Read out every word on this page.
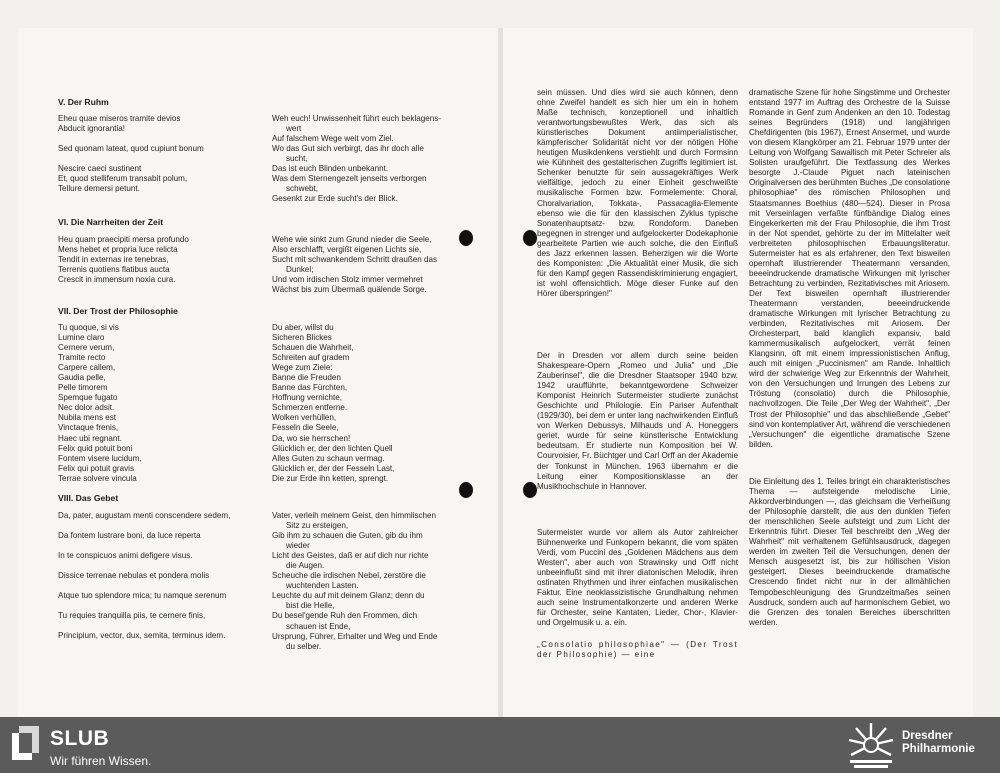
V. Der Ruhm
Eheu quae miseros tramite devios
Abducit ignorantia!
Sed quonam lateat, quod cupiunt bonum
Nescire caeci sustinent
Et, quod stelliferum transabit polum,
Tellure demersi petunt.
Weh euch! Unwissenheit führt euch beklagens-
wert
Auf falschem Wege weit vom Ziel.
Wo das Gut sich verbirgt, das ihr doch alle
sucht,
Das ist euch Blinden unbekannt.
Was dem Sternengezelt jenseits verborgen
schwebt,
Gesenkt zur Erde sucht's der Blick.
VI. Die Narrheiten der Zeit
Heu quam praecipiti mersa profundo
Mens hebet et propria luce relicta
Tendit in externas ire tenebras,
Terrenis quotiens flatibus aucta
Crescit in immensum noxia cura.
Wehe wie sinkt zum Grund nieder die Seele,
Also erschlafft, vergißt eigenen Lichts sie,
Sucht mit schwankendem Schritt draußen das
Dunkel;
Und vom irdischen Stolz immer vermehret
Wächst bis zum Übermaß quälende Sorge.
VII. Der Trost der Philosophie
Tu quoque, si vis
Lumine claro
Cernere verum,
Tramite recto
Carpere callem,
Gaudia pelle,
Pelle timorem
Spemque fugato
Nec dolor adsit.
Nubila mens est
Vinctaque frenis,
Haec ubi regnant.
Felix quid potuit boni
Fontem visere lucidum,
Felix qui potuit gravis
Terrae solvere vincula
Du aber, willst du
Sicheren Blickes
Schauen die Wahrheit,
Schreiten auf gradem
Wege zum Ziele:
Banne die Freuden
Banne das Fürchten,
Hoffnung vernichte,
Schmerzen entferne.
Wolken verhüllen,
Fesseln die Seele,
Da, wo sie herrschen!
Glücklich er, der den lichten Quell
Alles Guten zu schaun vermag.
Glücklich er, der der Fesseln Last,
Die zur Erde ihn ketten, sprengt.
VIII. Das Gebet
Da, pater, augustam menti conscendere sedem,
Da fontem lustrare boni, da luce reperta
In te conspicuos animi defigere visus.
Dissice terrenae nebulas et pondera molis
Atque tuo splendore mica; tu namque serenum
Tu requies tranquilla piis, te cernere finis,
Principium, vector, dux, semita, terminus idem.
Vater, verleih meinem Geist, den himmlischen
Sitz zu ersteigen,
Gib ihm zu schauen die Guten, gib du ihm
wieder
Licht des Geistes, daß er auf dich nur richte
die Augen.
Scheuche die irdischen Nebel, zerstöre die
wuchtenden Lasten.
Leuchte du auf mit deinem Glanz; denn du
bist die Helle,
Du besel'gende Ruh den Frommen, dich
schauen ist Ende,
Ursprung, Führer, Erhalter und Weg und Ende
du selber.

sein müssen. Und dies wird sie auch können, denn ohne Zweifel handelt es sich hier um ein in hohem Maße technisch, konzeptionell und inhaltlich verantwortungsbewußtes Werk, das sich als künstlerisches Dokument antiimperialistischer, kämpferischer Solidarität nicht vor der nötigen Höhe heutigen Musikdenkens verstiehlt und durch Formsinn wie Kühnheit des gestalterischen Zugriffs legitimiert ist. Schenker benutzte für sein aussagekräftiges Werk vielfältige, jedoch zu einer Einheit geschweißte musikalische Formen bzw. Formelemente: Choral, Choralvariation, Tokkata-, Passacaglia-Elemente ebenso wie die für den klassischen Zyklus typische Sonatenhauptsatz- bzw. Rondoform. Daneben begegnen in strenger und aufgelockerter Dodekaphonie gearbeitete Partien wie auch solche, die den Einfluß des Jazz erkennen lassen. Beherzigen wir die Worte des Komponisten: „Die Aktualität einer Musik, die sich für den Kampf gegen Rassendiskriminierung engagiert, ist wohl offensichtlich. Möge dieser Funke auf den Hörer überspringen!"

Der in Dresden vor allem durch seine beiden Shakespeare-Opern „Romeo und Julia" und „Die Zauberinsel", die die Dresdner Staatsoper 1940 bzw. 1942 uraufführte, bekanntgewordene Schweizer Komponist Heinrich Sutermeister studierte zunächst Geschichte und Philologie. Ein Pariser Aufenthalt (1929/30), bei dem er unter lang nachwirkenden Einfluß von Werken Debussys, Milhauds und A. Honeggers geriet, wurde für seine künstlerische Entwicklung bedeutsam. Er studierte nun Komposition bei W. Courvoisier, Fr. Büchtger und Carl Orff an der Akademie der Tonkunst in München. 1963 übernahm er die Leitung einer Kompositionsklasse an der Musikhochschule in Hannover.

Sutermeister wurde vor allem als Autor zahlreicher Bühnenwerke und Funkopern bekannt, die vom späten Verdi, vom Puccini des „Goldenen Mädchens aus dem Westen", aber auch von Strawinsky und Orff nicht unbeeinflußt sind mit ihrer diatonischen Melodik, ihren ostinaten Rhythmen und ihrer einfachen musikalischen Faktur. Eine neoklassizistische Grundhaltung nehmen auch seine Instrumentalkonzerte und anderen Werke für Orchester, seine Kantaten, Lieder, Chor-, Klavier- und Orgelmusik u. a. ein.

„Consolatio philosophiae" — (Der Trost der Philosophie) — eine

dramatische Szene für hohe Singstimme und Orchester entstand 1977 im Auftrag des Orchestre de la Suisse Romande in Genf zum Andenken an den 10. Todestag seines Begründers (1918) und langjährigen Chefdirigenten (bis 1967), Ernest Ansermet, und wurde von diesem Klangkörper am 21. Februar 1979 unter der Leitung von Wolfgang Sawallisch mit Peter Schreier als Solisten uraufgeführt. Die Textfassung des Werkes besorgte J.-Claude Piguet nach lateinischen Originalversen des berühmten Buches „De consolatione philosophiae" des römischen Philosophen und Staatsmannes Boethius (480—524). Dieser in Prosa mit Verseinlagen verfaßte fünfbändige Dialog eines Eingekerkerten mit der Frau Philosophie, die ihm Trost in der Not spendet, gehörte zu der im Mittelalter weit verbreiteten philosophischen Erbauungsliteratur. Sutermeister hat es als erfahrener, den Text bisweilen opernhaft illustrierender Theatermann versanden, beeeindruckende dramatische Wirkungen mit lyrischer Betrachtung zu verbinden, Rezitativisches mit Ariosem. Der Text bisweilen opernhaft illustrierender Theatermann verstanden, beeeindruckende dramatische Wirkungen mit lyrischer Betrachtung zu verbinden, Rezitativisches mit Ariosem. Der Orchesterpart, bald klanglich expansiv, bald kammermusikalisch aufgelockert, verrät feinen Klangsinn, oft mit einem impressionistischen Anflug, auch mit einigen „Puccinismen" am Rande. Inhaltlich wird der schwierige Weg zur Erkenntnis der Wahrheit, von den Versuchungen und Irrungen des Lebens zur Tröstung (consolatio) durch die Philosophie, nachvollzogen. Die Teile „Der Weg der Wahrheit", „Der Trost der Philosophie" und das abschließende „Gebet" sind von kontemplativer Art, während die verschiedenen „Versuchungen" die eigentliche dramatische Szene bilden.

Die Einleitung des 1. Teiles bringt ein charakteristisches Thema — aufsteigende melodische Linie, Akkordverbindungen —, das gleichsam die Verheißung der Philosophie darstellt, die aus den dunklen Tiefen der menschlichen Seele aufsteigt und zum Licht der Erkenntnis führt. Dieser Teil beschreibt den „Weg der Wahrheit" mit verhaltenem Gefühlsausdruck, dagegen werden im zweiten Teil die Versuchungen, denen der Mensch ausgesetzt ist, bis zur höllischen Vision gesteigert. Dieses beeindruckende dramatische Crescendo findet nicht nur in der allmählichen Tempobeschleunigung des Grundzeitmaßes seinen Ausdruck, sondern auch auf harmonischem Gebiet, wo die Grenzen des tonalen Bereiches überschritten werden.

SLUB
Wir führen Wissen.
Dresdner
Philharmonie
